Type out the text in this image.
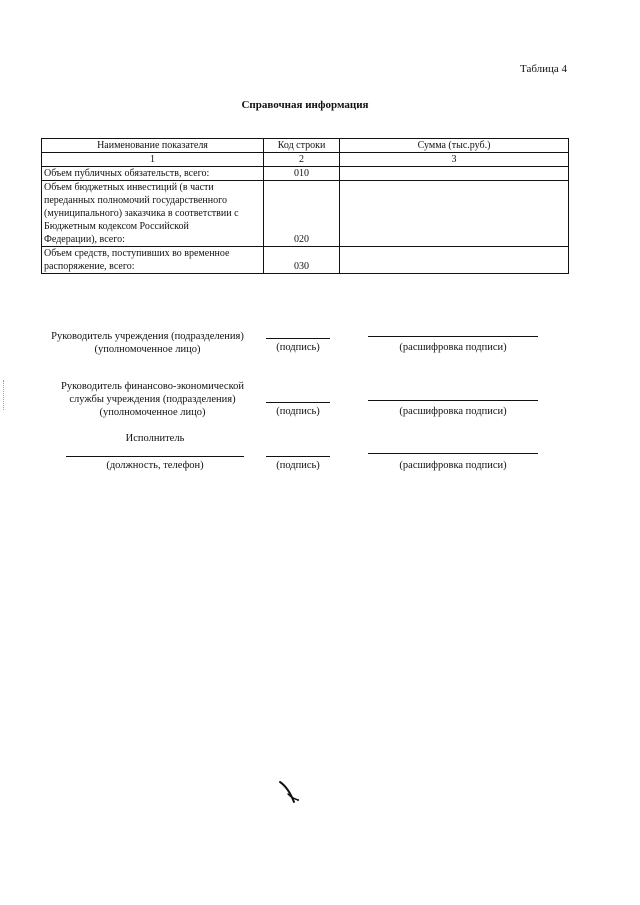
Таблица 4
Справочная информация
Наименование показателя	Код строки	Сумма (тыс.руб.)
1	2	3
Объем публичных обязательств, всего:	010	

Объем бюджетных инвестиций (в части
переданных полномочий государственного
(муниципального) заказчика в соответствии с
Бюджетным кодексом Российской
Федерации), всего:	020	

Объем средств, поступивших во временное
распоряжение, всего:	030	
Руководитель учреждения (подразделения)
(уполномоченное лицо)	(подпись)	(расшифровка подписи)
Руководитель финансово-экономической
службы учреждения (подразделения)
(уполномоченное лицо)	(подпись)	(расшифровка подписи)
Исполнитель
(должность, телефон)	(подпись)	(расшифровка подписи)
